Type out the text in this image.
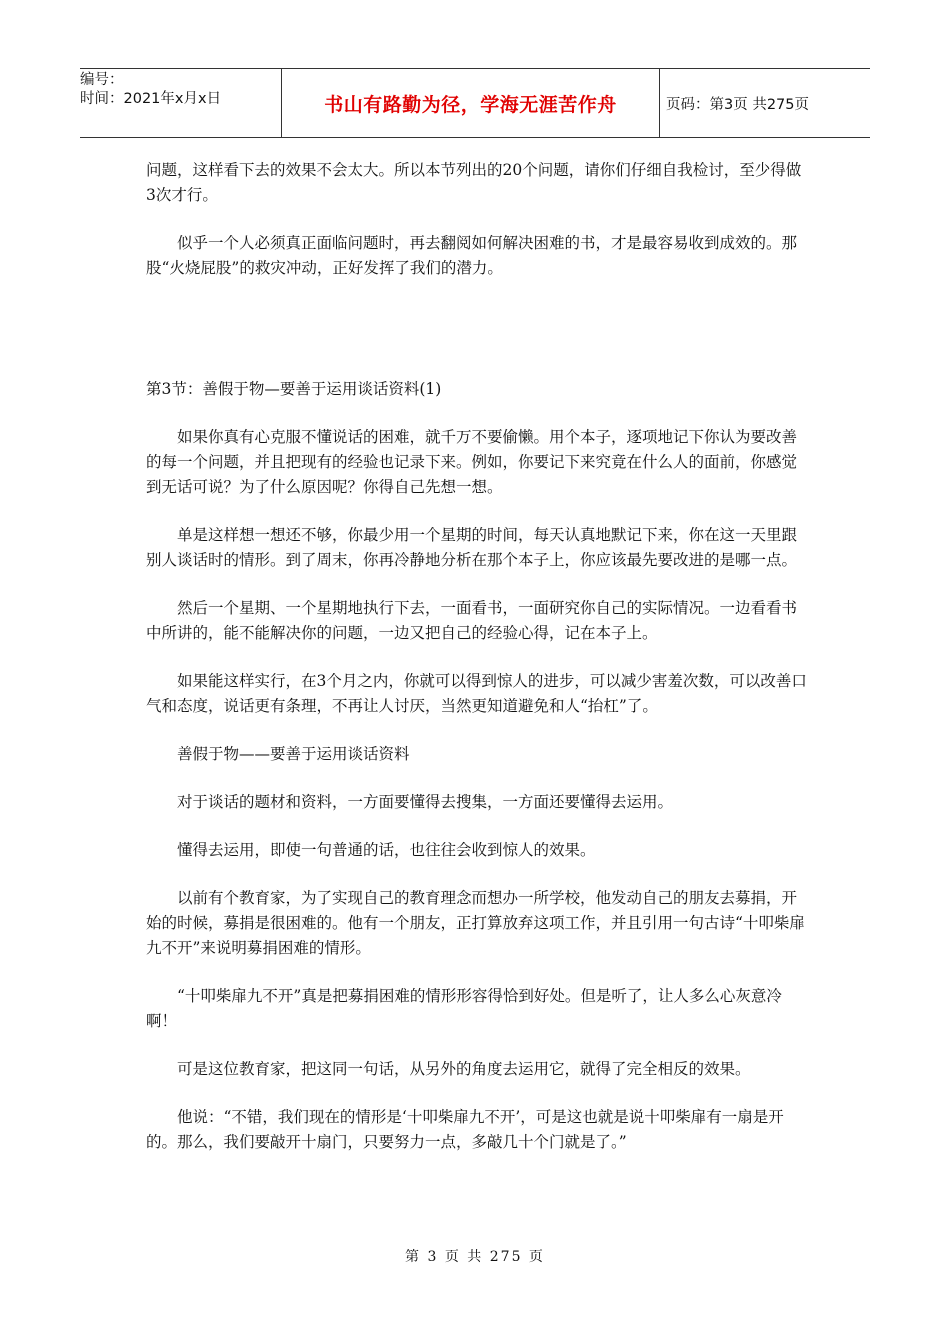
编号：
时间：2021年x月x日	书山有路勤为径，学海无涯苦作舟	页码：第3页 共275页

问题，这样看下去的效果不会太大。所以本节列出的20个问题，请你们仔细自我检讨，至少得做3次才行。

似乎一个人必须真正面临问题时，再去翻阅如何解决困难的书，才是最容易收到成效的。那股“火烧屁股”的救灾冲动，正好发挥了我们的潜力。

第3节：善假于物—要善于运用谈话资料(1)

如果你真有心克服不懂说话的困难，就千万不要偷懒。用个本子，逐项地记下你认为要改善的每一个问题，并且把现有的经验也记录下来。例如，你要记下来究竟在什么人的面前，你感觉到无话可说？为了什么原因呢？你得自己先想一想。

单是这样想一想还不够，你最少用一个星期的时间，每天认真地默记下来，你在这一天里跟别人谈话时的情形。到了周末，你再冷静地分析在那个本子上，你应该最先要改进的是哪一点。

然后一个星期、一个星期地执行下去，一面看书，一面研究你自己的实际情况。一边看看书中所讲的，能不能解决你的问题，一边又把自己的经验心得，记在本子上。

如果能这样实行，在3个月之内，你就可以得到惊人的进步，可以减少害羞次数，可以改善口气和态度，说话更有条理，不再让人讨厌，当然更知道避免和人“抬杠”了。

善假于物——要善于运用谈话资料

对于谈话的题材和资料，一方面要懂得去搜集，一方面还要懂得去运用。

懂得去运用，即使一句普通的话，也往往会收到惊人的效果。

以前有个教育家，为了实现自己的教育理念而想办一所学校，他发动自己的朋友去募捐，开始的时候，募捐是很困难的。他有一个朋友，正打算放弃这项工作，并且引用一句古诗“十叩柴扉九不开”来说明募捐困难的情形。

“十叩柴扉九不开”真是把募捐困难的情形形容得恰到好处。但是听了，让人多么心灰意冷啊！

可是这位教育家，把这同一句话，从另外的角度去运用它，就得了完全相反的效果。

他说：“不错，我们现在的情形是‘十叩柴扉九不开’，可是这也就是说十叩柴扉有一扇是开的。那么，我们要敲开十扇门，只要努力一点，多敲几十个门就是了。”

第 3 页 共 275 页
